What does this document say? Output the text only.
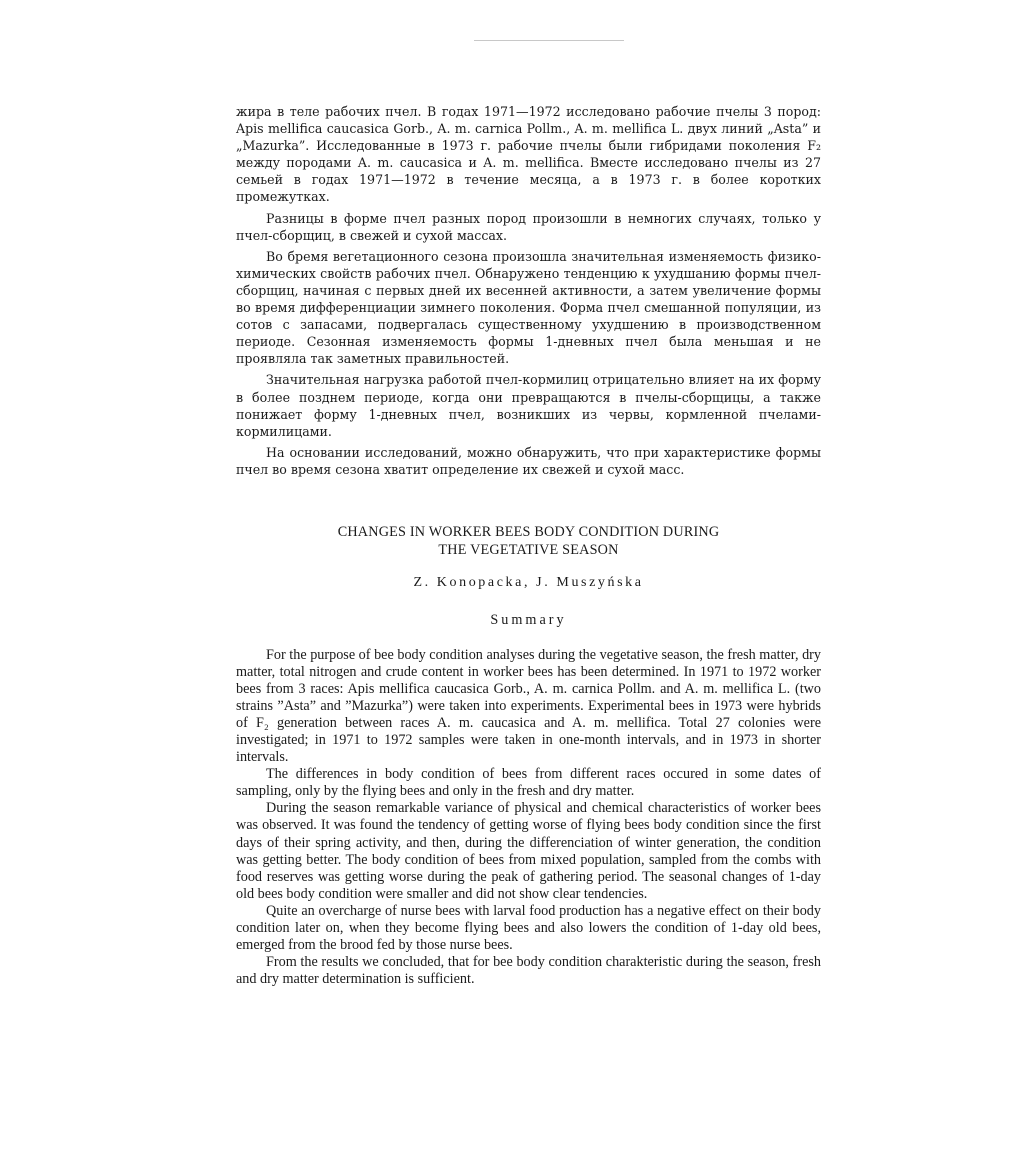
жира в теле рабочих пчел. В годах 1971—1972 исследовано рабочие пчелы 3 пород: Apis mellifica caucasica Gorb., A. m. carnica Pollm., A. m. mellifica L. двух линий „Asta” и „Mazurka”. Исследованные в 1973 г. рабочие пчелы были гибридами поколения F₂ между породами A. m. caucasica и A. m. mellifica. Вместе исследовано пчелы из 27 семьей в годах 1971—1972 в течение месяца, а в 1973 г. в более коротких промежутках.

Разницы в форме пчел разных пород произошли в немногих случаях, только у пчел-сборщиц, в свежей и сухой массах.

Во бремя вегетационного сезона произошла значительная изменяемость физико-химических свойств рабочих пчел. Обнаружено тенденцию к ухудшанию формы пчел-сборщиц, начиная с первых дней их весенней активности, а затем увеличение формы во время дифференциации зимнего поколения. Форма пчел смешанной популяции, из сотов с запасами, подвергалась существенному ухудшению в производственном периоде. Сезонная изменяемость формы 1-дневных пчел была меньшая и не проявляла так заметных правильностей.

Значительная нагрузка работой пчел-кормилиц отрицательно влияет на их форму в более позднем периоде, когда они превращаются в пчелы-сборщицы, а также понижает форму 1-дневных пчел, возникших из червы, кормленной пчелами-кормилицами.

На основании исследований, можно обнаружить, что при характеристике формы пчел во время сезона хватит определение их свежей и сухой масс.

CHANGES IN WORKER BEES BODY CONDITION DURING
THE VEGETATIVE SEASON
Z. Konopacka, J. Muszyńska
Summary

For the purpose of bee body condition analyses during the vegetative season, the fresh matter, dry matter, total nitrogen and crude content in worker bees has been determined. In 1971 to 1972 worker bees from 3 races: Apis mellifica caucasica Gorb., A. m. carnica Pollm. and A. m. mellifica L. (two strains ”Asta” and ”Mazurka”) were taken into experiments. Experimental bees in 1973 were hybrids of F₂ generation between races A. m. caucasica and A. m. mellifica. Total 27 colonies were investigated; in 1971 to 1972 samples were taken in one-month intervals, and in 1973 in shorter intervals.

The differences in body condition of bees from different races occured in some dates of sampling, only by the flying bees and only in the fresh and dry matter.

During the season remarkable variance of physical and chemical characteristics of worker bees was observed. It was found the tendency of getting worse of flying bees body condition since the first days of their spring activity, and then, during the differenciation of winter generation, the condition was getting better. The body condition of bees from mixed population, sampled from the combs with food reserves was getting worse during the peak of gathering period. The seasonal changes of 1-day old bees body condition were smaller and did not show clear tendencies.

Quite an overcharge of nurse bees with larval food production has a negative effect on their body condition later on, when they become flying bees and also lowers the condition of 1-day old bees, emerged from the brood fed by those nurse bees.

From the results we concluded, that for bee body condition charakteristic during the season, fresh and dry matter determination is sufficient.
